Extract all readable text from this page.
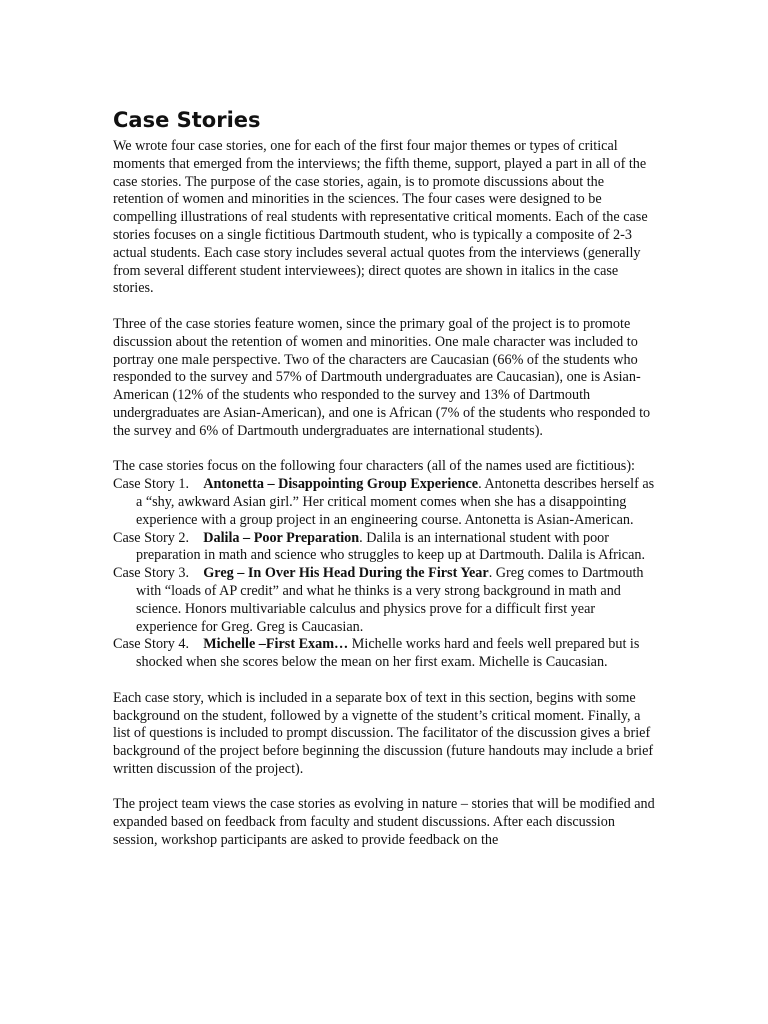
Case Stories

We wrote four case stories, one for each of the first four major themes or types of critical moments that emerged from the interviews; the fifth theme, support, played a part in all of the case stories. The purpose of the case stories, again, is to promote discussions about the retention of women and minorities in the sciences. The four cases were designed to be compelling illustrations of real students with representative critical moments. Each of the case stories focuses on a single fictitious Dartmouth student, who is typically a composite of 2-3 actual students. Each case story includes several actual quotes from the interviews (generally from several different student interviewees); direct quotes are shown in italics in the case stories.

Three of the case stories feature women, since the primary goal of the project is to promote discussion about the retention of women and minorities. One male character was included to portray one male perspective. Two of the characters are Caucasian (66% of the students who responded to the survey and 57% of Dartmouth undergraduates are Caucasian), one is Asian-American (12% of the students who responded to the survey and 13% of Dartmouth undergraduates are Asian-American), and one is African (7% of the students who responded to the survey and 6% of Dartmouth undergraduates are international students).

The case stories focus on the following four characters (all of the names used are fictitious):

Case Story 1. Antonetta – Disappointing Group Experience. Antonetta describes herself as a “shy, awkward Asian girl.” Her critical moment comes when she has a disappointing experience with a group project in an engineering course. Antonetta is Asian-American.
Case Story 2. Dalila – Poor Preparation. Dalila is an international student with poor preparation in math and science who struggles to keep up at Dartmouth. Dalila is African.
Case Story 3. Greg – In Over His Head During the First Year. Greg comes to Dartmouth with “loads of AP credit” and what he thinks is a very strong background in math and science. Honors multivariable calculus and physics prove for a difficult first year experience for Greg. Greg is Caucasian.
Case Story 4. Michelle –First Exam… Michelle works hard and feels well prepared but is shocked when she scores below the mean on her first exam. Michelle is Caucasian.

Each case story, which is included in a separate box of text in this section, begins with some background on the student, followed by a vignette of the student’s critical moment. Finally, a list of questions is included to prompt discussion. The facilitator of the discussion gives a brief background of the project before beginning the discussion (future handouts may include a brief written discussion of the project).

The project team views the case stories as evolving in nature – stories that will be modified and expanded based on feedback from faculty and student discussions. After each discussion session, workshop participants are asked to provide feedback on the
